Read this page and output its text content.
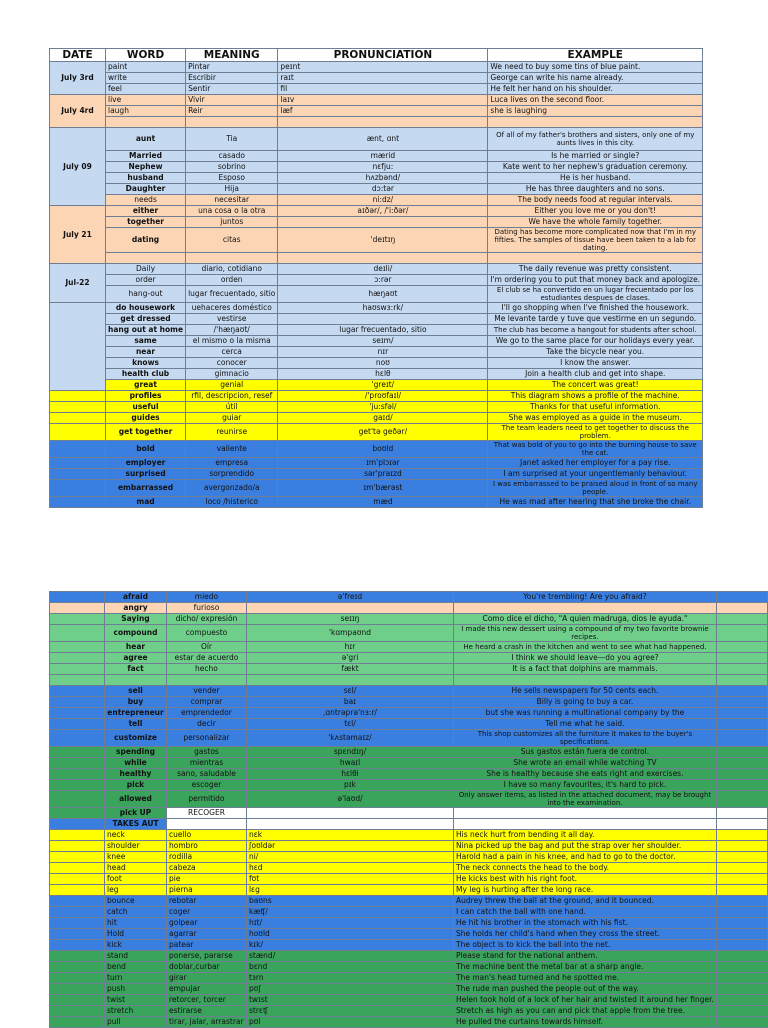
DATE	WORD	MEANING	PRONUNCIATION	EXAMPLE
July 3rd	paint	Pintar	peɪnt	We need to buy some tins of blue paint.
	write	Escribir	raɪt	George can write his name already.
	feel	Sentir	fil	He felt her hand on his shoulder.
July 4rd	live	Vivir	laɪv	Luca lives on the second floor.
	laugh	Reir	læf	she is laughing

July 09	aunt	Tia	ænt, ɑnt	Of all of my father's brothers and sisters, only one of my aunts lives in this city.
	Married	casado	mærid	Is he married or single?
	Nephew	sobrino	nɛfju:	Kate went to her nephew's graduation ceremony.
	husband	Esposo	hʌzbənd/	He is her husband.
	Daughter	Hija	dɔ:tər	He has three daughters and no sons.
	needs	necesitar	ni:dz/	The body needs food at regular intervals.
July 21	either	una cosa o la otra	aɪðər/, /'i:ðər/	Either you love me or you don't!
	together	juntos		We have the whole family together.
	dating	citas	'deɪtɪŋ	Dating has become more complicated now that I'm in my fifties. The samples of tissue have been taken to a lab for dating.

Jul-22	Daily	diario, cotidiano	deɪli/	The daily revenue was pretty consistent.
	order	orden	ɔ:rər	I'm ordering you to put that money back and apologize.
	hang-out	lugar frecuentado, sitio	hæŋaʊt	El club se ha convertido en un lugar frecuentado por los estudiantes despues de clases.
	do housework	uehaceres doméstico	haʊswɜ:rk/	I'll go shopping when I've finished the housework.
	get dressed	vestirse		Me levante tarde y tuve que vestirme en un segundo.
	hang out at home	/'hæŋaʊt/	lugar frecuentado, sitio	The club has become a hangout for students after school.
	same	el mismo o la misma	seɪm/	We go to the same place for our holidays every year.
	near	cerca	nɪr	Take the bicycle near you.
	knows	conocer	noʊ	I know the answer.
	health club	gimnacio	hɛlθ	Join a health club and get into shape.
	great	genial	'greɪt/	The concert was great!
	profiles	rfil, descripcion, resef	/'proʊfaɪl/	This diagram shows a profile of the machine.
	useful	útil	'ju:sfəl/	Thanks for that useful information.
	guides	guiar	gaɪd/	She was employed as a guide in the museum.
	get together	reunirse	get'tə geðər/	The team leaders need to get together to discuss the problem.
	bold	valiente	boʊld	That was bold of you to go into the burning house to save the cat.
	employer	empresa	ɪm'plɔɪər	Janet asked her employer for a pay rise.
	surprised	sorprendido	sər'praɪzd	I am surprised at your ungentlemanly behaviour.
	embarrassed	avergonzado/a	ɪm'bærəst	I was embarrassed to be praised aloud in front of so many people.
	mad	loco /histerico	mæd	He was mad after hearing that she broke the chair.
	afraid	miedo	ə'freɪd	You're trembling! Are you afraid?	
	angry	furioso			
	Saying	dicho/ expresión	seɪɪŋ	Como dice el dicho, "A quien madruga, dios le ayuda."	
	compound	compuesto	'kɑmpaʊnd	I made this new dessert using a compound of my two favorite brownie recipes.	
	hear	Oír	hɪr	He heard a crash in the kitchen and went to see what had happened.	
	agree	estar de acuerdo	ə'gri	I think we should leave—do you agree?	
	fact	hecho	fækt	It is a fact that dolphins are mammals.	

	sell	vender	sɛl/	He sells newspapers for 50 cents each.	
	buy	comprar	baɪ	Billy is going to buy a car.	
	entrepreneur	emprendedor	,ɑntrəprə'nɜ:r/	but she was running a multinational company by the	
	tell	decir	tɛl/	Tell me what he said.	
	customize	personalizar	'kʌstəmaɪz/	This shop customizes all the furniture it makes to the buyer's specifications.	
	spending	gastos	spɛndɪŋ/	Sus gastos están fuera de control.	
	while	mientras	hwaɪl	She wrote an email while watching TV	
	healthy	sano, saludable	hɛlθi	She is healthy because she eats right and exercises.	
	pick	escoger	pɪk	I have so many favourites, it's hard to pick.	
	allowed	permitido	ə'laʊd/	Only answer items, as listed in the attached document, may be brought into the examination.	
	pick UP	RECOGER			
	TAKES AUT				
	neck	cuello	nɛk	His neck hurt from bending it all day.	
	shoulder	hombro	ʃoʊldər	Nina picked up the bag and put the strap over her shoulder.	
	knee	rodilla	ni/	Harold had a pain in his knee, and had to go to the doctor.	
	head	cabeza	hɛd	The neck connects the head to the body.	
	foot	pie	fʊt	He kicks best with his right foot.	
	leg	pierna	lɛg	My leg is hurting after the long race.	
	bounce	rebotar	baʊns	Audrey threw the ball at the ground, and it bounced.	
	catch	coger	kæʧ/	I can catch the ball with one hand.	
	hit	golpear	hɪt/	He hit his brother in the stomach with his fist.	
	Hold	agarrar	hoʊld	She holds her child's hand when they cross the street.	
	kick	patear	kɪk/	The object is to kick the ball into the net.	
	stand	ponerse, pararse	stænd/	Please stand for the national anthem.	
	bend	doblar,curbar	bɛnd	The machine bent the metal bar at a sharp angle.	
	turn	girar	tɜrn	The man's head turned and he spotted me.	
	push	empujar	pʊʃ	The rude man pushed the people out of the way.	
	twist	retorcer, torcer	twɪst	Helen took hold of a lock of her hair and twisted it around her finger.	
	stretch	estirarse	strɛʧ	Stretch as high as you can and pick that apple from the tree.	
	pull	tirar, jalar, arrastrar	pʊl	He pulled the curtains towards himself.	
